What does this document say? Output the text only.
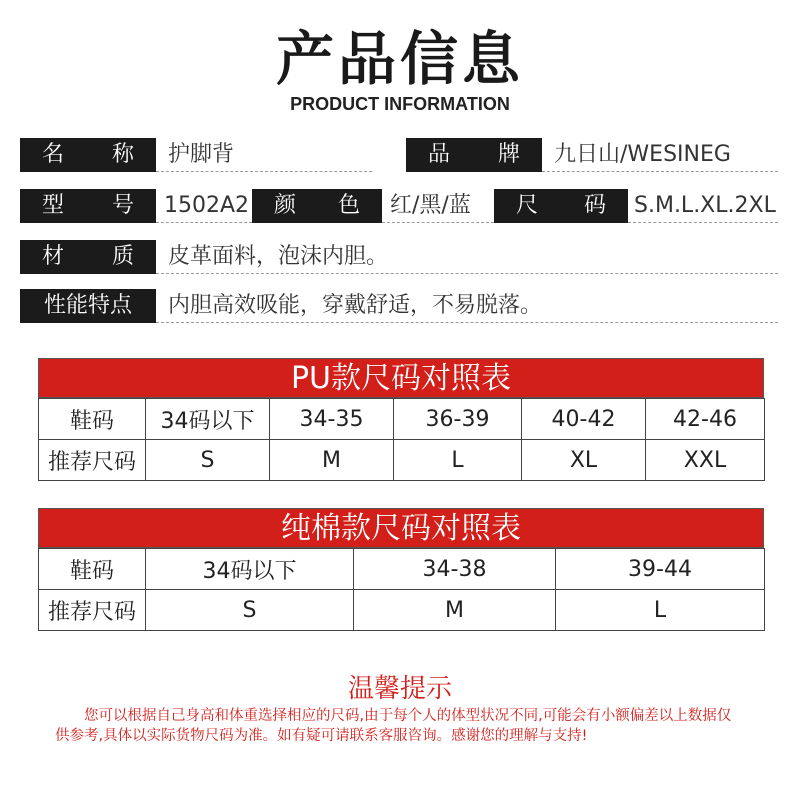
产品信息
PRODUCT INFORMATION
名 称	护脚背	品 牌	九日山/WESINEG
型 号	1502A2 颜 色	红/黑/蓝	尺 码 S.M.L.XL.2XL
材 质	皮革面料，泡沫内胆。
性能特点	内胆高效吸能，穿戴舒适，不易脱落。
PU款尺码对照表
鞋码	34码以下	34-35	36-39	40-42	42-46
推荐尺码	S	M	L	XL	XXL
纯棉款尺码对照表
鞋码	34码以下	34-38	39-44
推荐尺码	S	M	L
温馨提示
您可以根据自己身高和体重选择相应的尺码,由于每个人的体型状况不同,可能会有小额偏差以上数据仅供参考,具体以实际货物尺码为准。如有疑可请联系客服咨询。感谢您的理解与支持!
